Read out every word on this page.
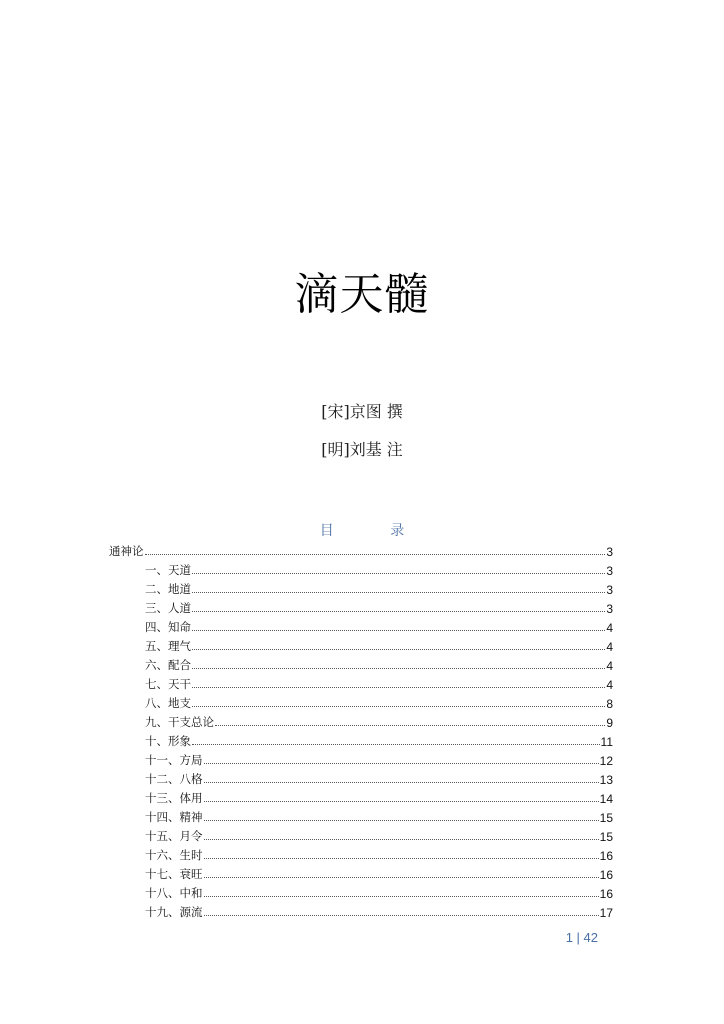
滴天髓
[宋]京图 撰
[明]刘基 注
目 录
通神论	3
一、天道	3
二、地道	3
三、人道	3
四、知命	4
五、理气	4
六、配合	4
七、天干	4
八、地支	8
九、干支总论	9
十、形象	11
十一、方局	12
十二、八格	13
十三、体用	14
十四、精神	15
十五、月令	15
十六、生时	16
十七、衰旺	16
十八、中和	16
十九、源流	17
1 | 42
